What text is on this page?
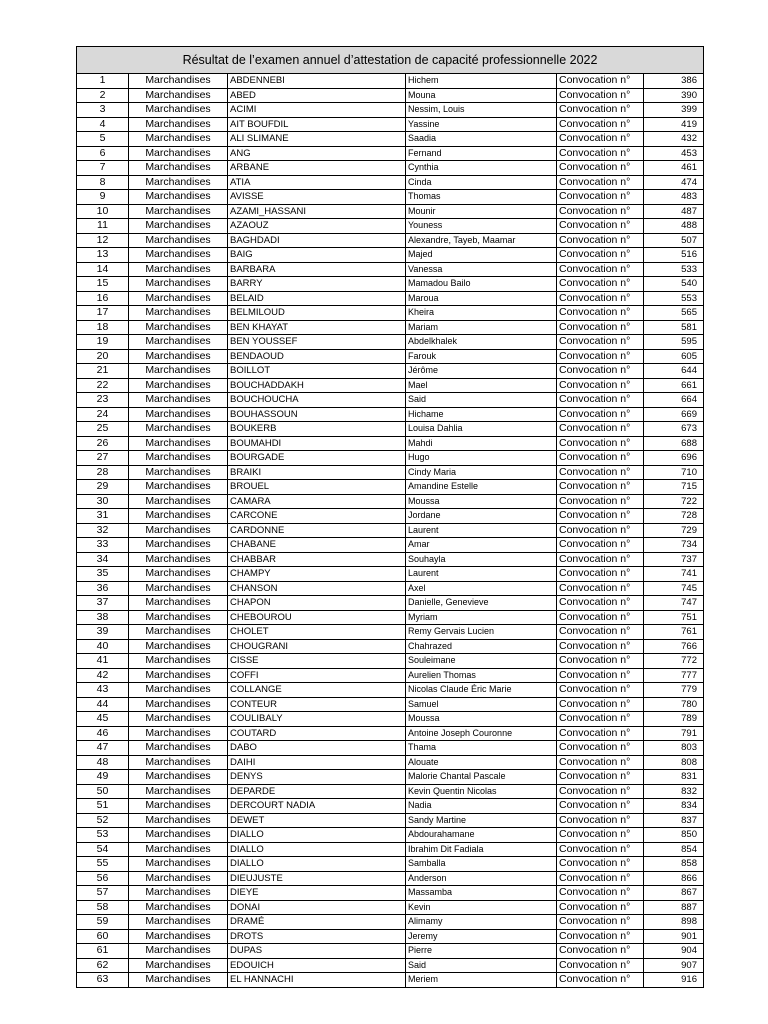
Résultat de l’examen annuel d’attestation de capacité professionnelle 2022					
1	Marchandises	ABDENNEBI	Hichem	Convocation n°	386
2	Marchandises	ABED	Mouna	Convocation n°	390
3	Marchandises	ACIMI	Nessim, Louis	Convocation n°	399
4	Marchandises	AIT BOUFDIL	Yassine	Convocation n°	419
5	Marchandises	ALI SLIMANE	Saadia	Convocation n°	432
6	Marchandises	ANG	Fernand	Convocation n°	453
7	Marchandises	ARBANE	Cynthia	Convocation n°	461
8	Marchandises	ATIA	Cinda	Convocation n°	474
9	Marchandises	AVISSE	Thomas	Convocation n°	483
10	Marchandises	AZAMI_HASSANI	Mounir	Convocation n°	487
11	Marchandises	AZAOUZ	Youness	Convocation n°	488
12	Marchandises	BAGHDADI	Alexandre, Tayeb, Maamar	Convocation n°	507
13	Marchandises	BAIG	Majed	Convocation n°	516
14	Marchandises	BARBARA	Vanessa	Convocation n°	533
15	Marchandises	BARRY	Mamadou Bailo	Convocation n°	540
16	Marchandises	BELAID	Maroua	Convocation n°	553
17	Marchandises	BELMILOUD	Kheira	Convocation n°	565
18	Marchandises	BEN KHAYAT	Mariam	Convocation n°	581
19	Marchandises	BEN YOUSSEF	Abdelkhalek	Convocation n°	595
20	Marchandises	BENDAOUD	Farouk	Convocation n°	605
21	Marchandises	BOILLOT	Jérôme	Convocation n°	644
22	Marchandises	BOUCHADDAKH	Mael	Convocation n°	661
23	Marchandises	BOUCHOUCHA	Said	Convocation n°	664
24	Marchandises	BOUHASSOUN	Hichame	Convocation n°	669
25	Marchandises	BOUKERB	Louisa Dahlia	Convocation n°	673
26	Marchandises	BOUMAHDI	Mahdi	Convocation n°	688
27	Marchandises	BOURGADE	Hugo	Convocation n°	696
28	Marchandises	BRAIKI	Cindy Maria	Convocation n°	710
29	Marchandises	BROUEL	Amandine Estelle	Convocation n°	715
30	Marchandises	CAMARA	Moussa	Convocation n°	722
31	Marchandises	CARCONE	Jordane	Convocation n°	728
32	Marchandises	CARDONNE	Laurent	Convocation n°	729
33	Marchandises	CHABANE	Amar	Convocation n°	734
34	Marchandises	CHABBAR	Souhayla	Convocation n°	737
35	Marchandises	CHAMPY	Laurent	Convocation n°	741
36	Marchandises	CHANSON	Axel	Convocation n°	745
37	Marchandises	CHAPON	Danielle, Genevieve	Convocation n°	747
38	Marchandises	CHEBOUROU	Myriam	Convocation n°	751
39	Marchandises	CHOLET	Remy Gervais Lucien	Convocation n°	761
40	Marchandises	CHOUGRANI	Chahrazed	Convocation n°	766
41	Marchandises	CISSE	Souleimane	Convocation n°	772
42	Marchandises	COFFI	Aurelien Thomas	Convocation n°	777
43	Marchandises	COLLANGE	Nicolas Claude Éric Marie	Convocation n°	779
44	Marchandises	CONTEUR	Samuel	Convocation n°	780
45	Marchandises	COULIBALY	Moussa	Convocation n°	789
46	Marchandises	COUTARD	Antoine Joseph Couronne	Convocation n°	791
47	Marchandises	DABO	Thama	Convocation n°	803
48	Marchandises	DAIHI	Alouate	Convocation n°	808
49	Marchandises	DENYS	Malorie Chantal Pascale	Convocation n°	831
50	Marchandises	DEPARDE	Kevin Quentin Nicolas	Convocation n°	832
51	Marchandises	DERCOURT NADIA	Nadia	Convocation n°	834
52	Marchandises	DEWET	Sandy Martine	Convocation n°	837
53	Marchandises	DIALLO	Abdourahamane	Convocation n°	850
54	Marchandises	DIALLO	Ibrahim Dit Fadiala	Convocation n°	854
55	Marchandises	DIALLO	Samballa	Convocation n°	858
56	Marchandises	DIEUJUSTE	Anderson	Convocation n°	866
57	Marchandises	DIEYE	Massamba	Convocation n°	867
58	Marchandises	DONAI	Kevin	Convocation n°	887
59	Marchandises	DRAMÉ	Alimamy	Convocation n°	898
60	Marchandises	DROTS	Jeremy	Convocation n°	901
61	Marchandises	DUPAS	Pierre	Convocation n°	904
62	Marchandises	EDOUICH	Said	Convocation n°	907
63	Marchandises	EL HANNACHI	Meriem	Convocation n°	916
